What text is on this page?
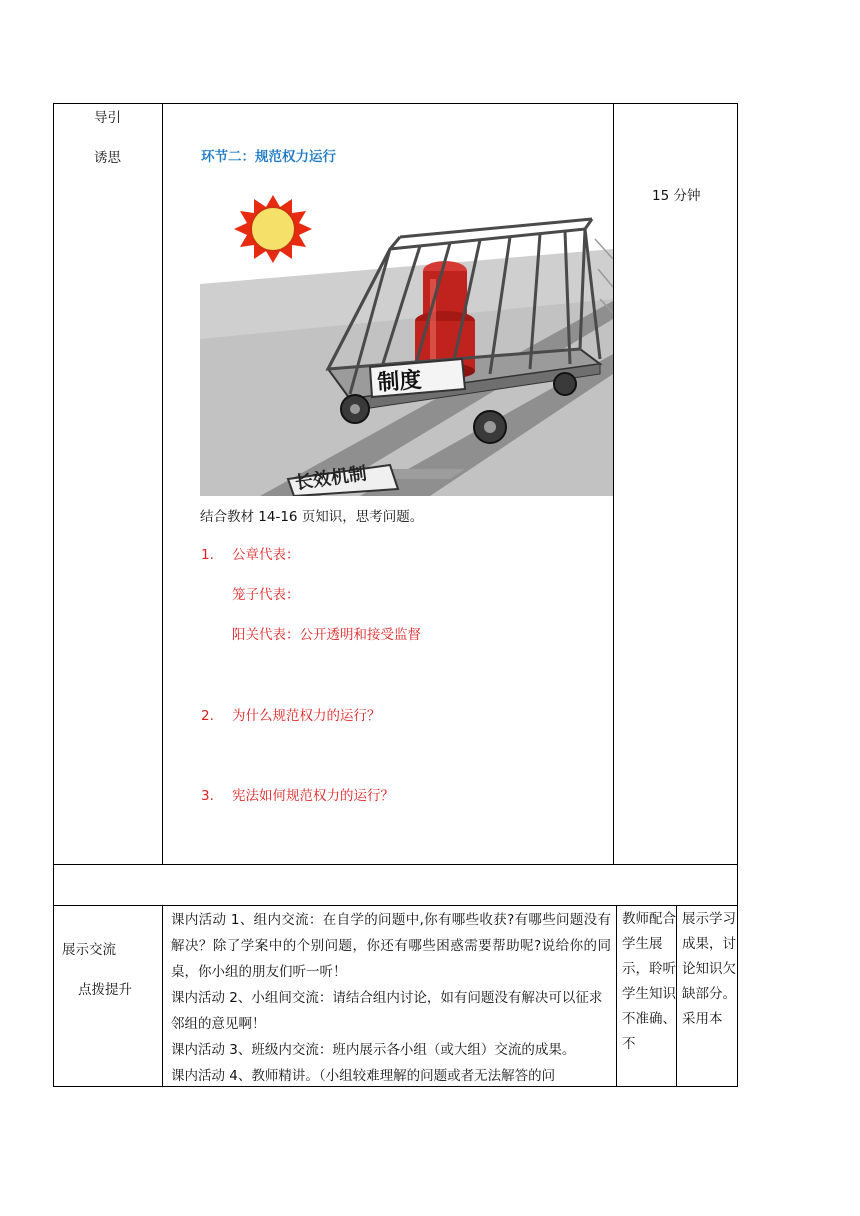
导引
诱思	环节二：规范权力运行
长效机制
制度
结合教材 14-16 页知识，思考问题。
1. 公章代表：
笼子代表：
阳关代表：公开透明和接受监督
2. 为什么规范权力的运行？
3. 宪法如何规范权力的运行？
15 分钟
展示交流
点拨提升
课内活动 1、组内交流：在自学的问题中,你有哪些收获?有哪些问题没有解决？除了学案中的个别问题，你还有哪些困惑需要帮助呢?说给你的同桌，你小组的朋友们听一听！
课内活动 2、小组间交流：请结合组内讨论，如有问题没有解决可以征求邻组的意见啊！
课内活动 3、班级内交流：班内展示各小组（或大组）交流的成果。
课内活动 4、教师精讲。（小组较难理解的问题或者无法解答的问
教师配合学生展示，聆听学生知识不准确、不
展示学习成果，讨论知识欠缺部分。采用本
